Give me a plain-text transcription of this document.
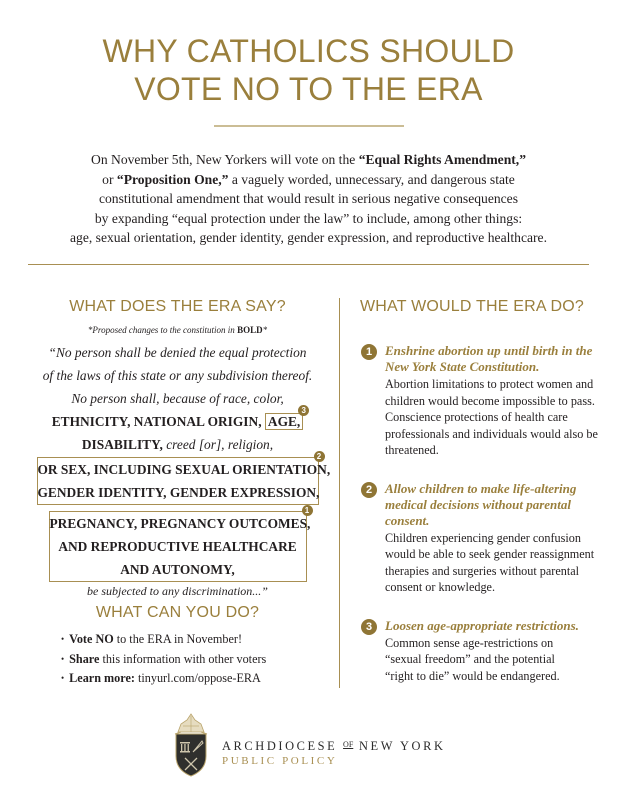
WHY CATHOLICS SHOULD
VOTE NO TO THE ERA
On November 5th, New Yorkers will vote on the “Equal Rights Amendment,”
or “Proposition One,” a vaguely worded, unnecessary, and dangerous state
constitutional amendment that would result in serious negative consequences
by expanding “equal protection under the law” to include, among other things:
age, sexual orientation, gender identity, gender expression, and reproductive healthcare.
WHAT DOES THE ERA SAY?
*Proposed changes to the constitution in BOLD*
“No person shall be denied the equal protection
of the laws of this state or any subdivision thereof.
No person shall, because of race, color,
ETHNICITY, NATIONAL ORIGIN, AGE,
3
DISABILITY, creed [or], religion,
OR SEX, INCLUDING SEXUAL ORIENTATION,
GENDER IDENTITY, GENDER EXPRESSION,
2
PREGNANCY, PREGNANCY OUTCOMES,
AND REPRODUCTIVE HEALTHCARE
AND AUTONOMY,
1
be subjected to any discrimination...”
WHAT CAN YOU DO?
• Vote NO to the ERA in November!
• Share this information with other voters
• Learn more: tinyurl.com/oppose-ERA
WHAT WOULD THE ERA DO?
1 Enshrine abortion up until birth in the New York State Constitution.
Abortion limitations to protect women and children would become impossible to pass. Conscience protections of health care professionals and individuals would also be threatened.
2 Allow children to make life-altering medical decisions without parental consent.
Children experiencing gender confusion would be able to seek gender reassignment therapies and surgeries without parental consent or knowledge.
3 Loosen age-appropriate restrictions.
Common sense age-restrictions on “sexual freedom” and the potential “right to die” would be endangered.
ARCHDIOCESE $^{OF}$ NEW YORK
PUBLIC POLICY
